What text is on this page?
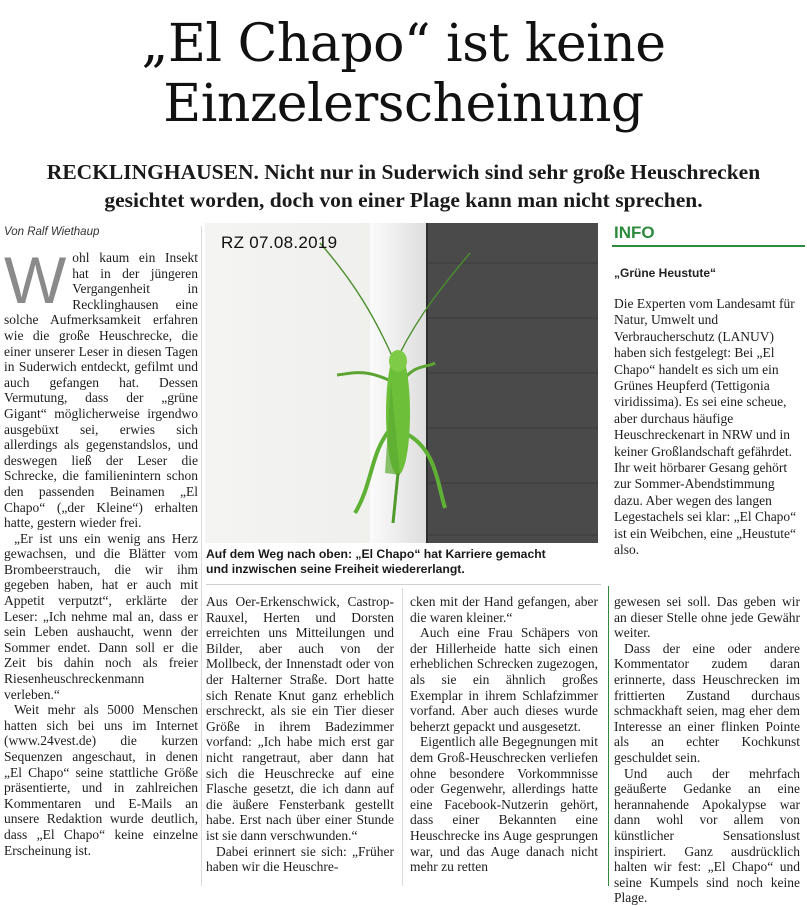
„El Chapo“ ist keine
Einzelerscheinung
RECKLINGHAUSEN. Nicht nur in Suderwich sind sehr große Heuschrecken
gesichtet worden, doch von einer Plage kann man nicht sprechen.
Von Ralf Wiethaup

Wohl kaum ein Insekt hat in der jüngeren Vergangenheit in Recklinghausen eine solche Aufmerksamkeit erfahren wie die große Heuschrecke, die einer unserer Leser in diesen Tagen in Suderwich entdeckt, gefilmt und auch gefangen hat. Dessen Vermutung, dass der „grüne Gigant“ möglicherweise irgendwo ausgebüxt sei, erwies sich allerdings als gegenstandslos, und deswegen ließ der Leser die Schrecke, die familienintern schon den passenden Beinamen „El Chapo“ („der Kleine“) erhalten hatte, gestern wieder frei.

„Er ist uns ein wenig ans Herz gewachsen, und die Blätter vom Brombeerstrauch, die wir ihm gegeben haben, hat er auch mit Appetit verputzt“, erklärte der Leser: „Ich nehme mal an, dass er sein Leben aushaucht, wenn der Sommer endet. Dann soll er die Zeit bis dahin noch als freier Riesenheuschreckenmann verleben.“

Weit mehr als 5000 Menschen hatten sich bei uns im Internet (www.24vest.de) die kurzen Sequenzen angeschaut, in denen „El Chapo“ seine stattliche Größe präsentierte, und in zahlreichen Kommentaren und E-Mails an unsere Redaktion wurde deutlich, dass „El Chapo“ keine einzelne Erscheinung ist.

RZ 07.08.2019
Auf dem Weg nach oben: „El Chapo“ hat Karriere gemacht
und inzwischen seine Freiheit wiedererlangt.

Aus Oer-Erkenschwick, Castrop-Rauxel, Herten und Dorsten erreichten uns Mitteilungen und Bilder, aber auch von der Mollbeck, der Innenstadt oder von der Halterner Straße. Dort hatte sich Renate Knut ganz erheblich erschreckt, als sie ein Tier dieser Größe in ihrem Badezimmer vorfand: „Ich habe mich erst gar nicht rangetraut, aber dann hat sich die Heuschrecke auf eine Flasche gesetzt, die ich dann auf die äußere Fensterbank gestellt habe. Erst nach über einer Stunde ist sie dann verschwunden.“

Dabei erinnert sie sich: „Früher haben wir die Heuschre-

cken mit der Hand gefangen, aber die waren kleiner.“

Auch eine Frau Schäpers von der Hillerheide hatte sich einen erheblichen Schrecken zugezogen, als sie ein ähnlich großes Exemplar in ihrem Schlafzimmer vorfand. Aber auch dieses wurde beherzt gepackt und ausgesetzt.

Eigentlich alle Begegnungen mit dem Groß-Heuschrecken verliefen ohne besondere Vorkommnisse oder Gegenwehr, allerdings hatte eine Facebook-Nutzerin gehört, dass einer Bekannten eine Heuschrecke ins Auge gesprungen war, und das Auge danach nicht mehr zu retten

INFO
„Grüne Heustute“

Die Experten vom Landesamt für Natur, Umwelt und Verbraucherschutz (LANUV) haben sich festgelegt: Bei „El Chapo“ handelt es sich um ein Grünes Heupferd (Tettigonia viridissima). Es sei eine scheue, aber durchaus häufige Heuschreckenart in NRW und in keiner Großlandschaft gefährdet. Ihr weit hörbarer Gesang gehört zur Sommer-Abendstimmung dazu. Aber wegen des langen Legestachels sei klar: „El Chapo“ ist ein Weibchen, eine „Heustute“ also.

gewesen sei soll. Das geben wir an dieser Stelle ohne jede Gewähr weiter.

Dass der eine oder andere Kommentator zudem daran erinnerte, dass Heuschrecken im frittierten Zustand durchaus schmackhaft seien, mag eher dem Interesse an einer flinken Pointe als an echter Kochkunst geschuldet sein.

Und auch der mehrfach geäußerte Gedanke an eine herannahende Apokalypse war dann wohl vor allem von künstlicher Sensationslust inspiriert. Ganz ausdrücklich halten wir fest: „El Chapo“ und seine Kumpels sind noch keine Plage.
